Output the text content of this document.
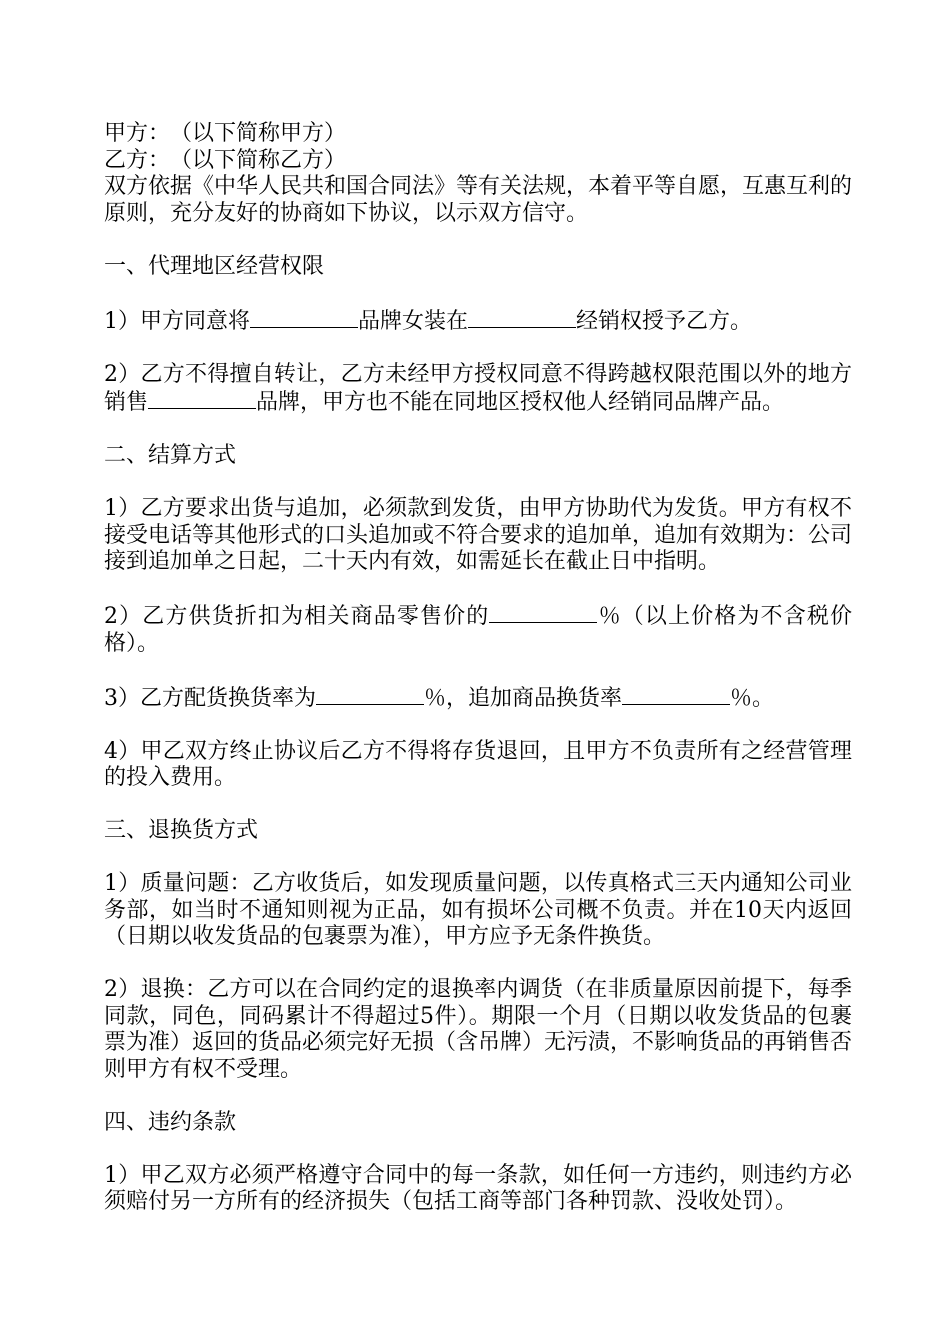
甲方：　（以下简称甲方）

乙方：　（以下简称乙方）

双方依据《中华人民共和国合同法》等有关法规，本着平等自愿，互惠互利的原则，充分友好的协商如下协议，以示双方信守。

一、代理地区经营权限

1）甲方同意将	品牌女装在	经销权授予乙方。

2）乙方不得擅自转让，乙方未经甲方授权同意不得跨越权限范围以外的地方销售	品牌，甲方也不能在同地区授权他人经销同品牌产品。

二、结算方式

1）乙方要求出货与追加，必须款到发货，由甲方协助代为发货。甲方有权不接受电话等其他形式的口头追加或不符合要求的追加单，追加有效期为：公司接到追加单之日起，二十天内有效，如需延长在截止日中指明。

2）乙方供货折扣为相关商品零售价的	％（以上价格为不含税价格）。

3）乙方配货换货率为	％，追加商品换货率	％。

4）甲乙双方终止协议后乙方不得将存货退回，且甲方不负责所有之经营管理的投入费用。

三、退换货方式

1）质量问题：乙方收货后，如发现质量问题，以传真格式三天内通知公司业务部，如当时不通知则视为正品，如有损坏公司概不负责。并在10天内返回（日期以收发货品的包裹票为准），甲方应予无条件换货。

2）退换：乙方可以在合同约定的退换率内调货（在非质量原因前提下，每季同款，同色，同码累计不得超过5件）。期限一个月（日期以收发货品的包裹票为准）返回的货品必须完好无损（含吊牌）无污渍，不影响货品的再销售否则甲方有权不受理。

四、违约条款

1）甲乙双方必须严格遵守合同中的每一条款，如任何一方违约，则违约方必须赔付另一方所有的经济损失（包括工商等部门各种罚款、没收处罚）。
